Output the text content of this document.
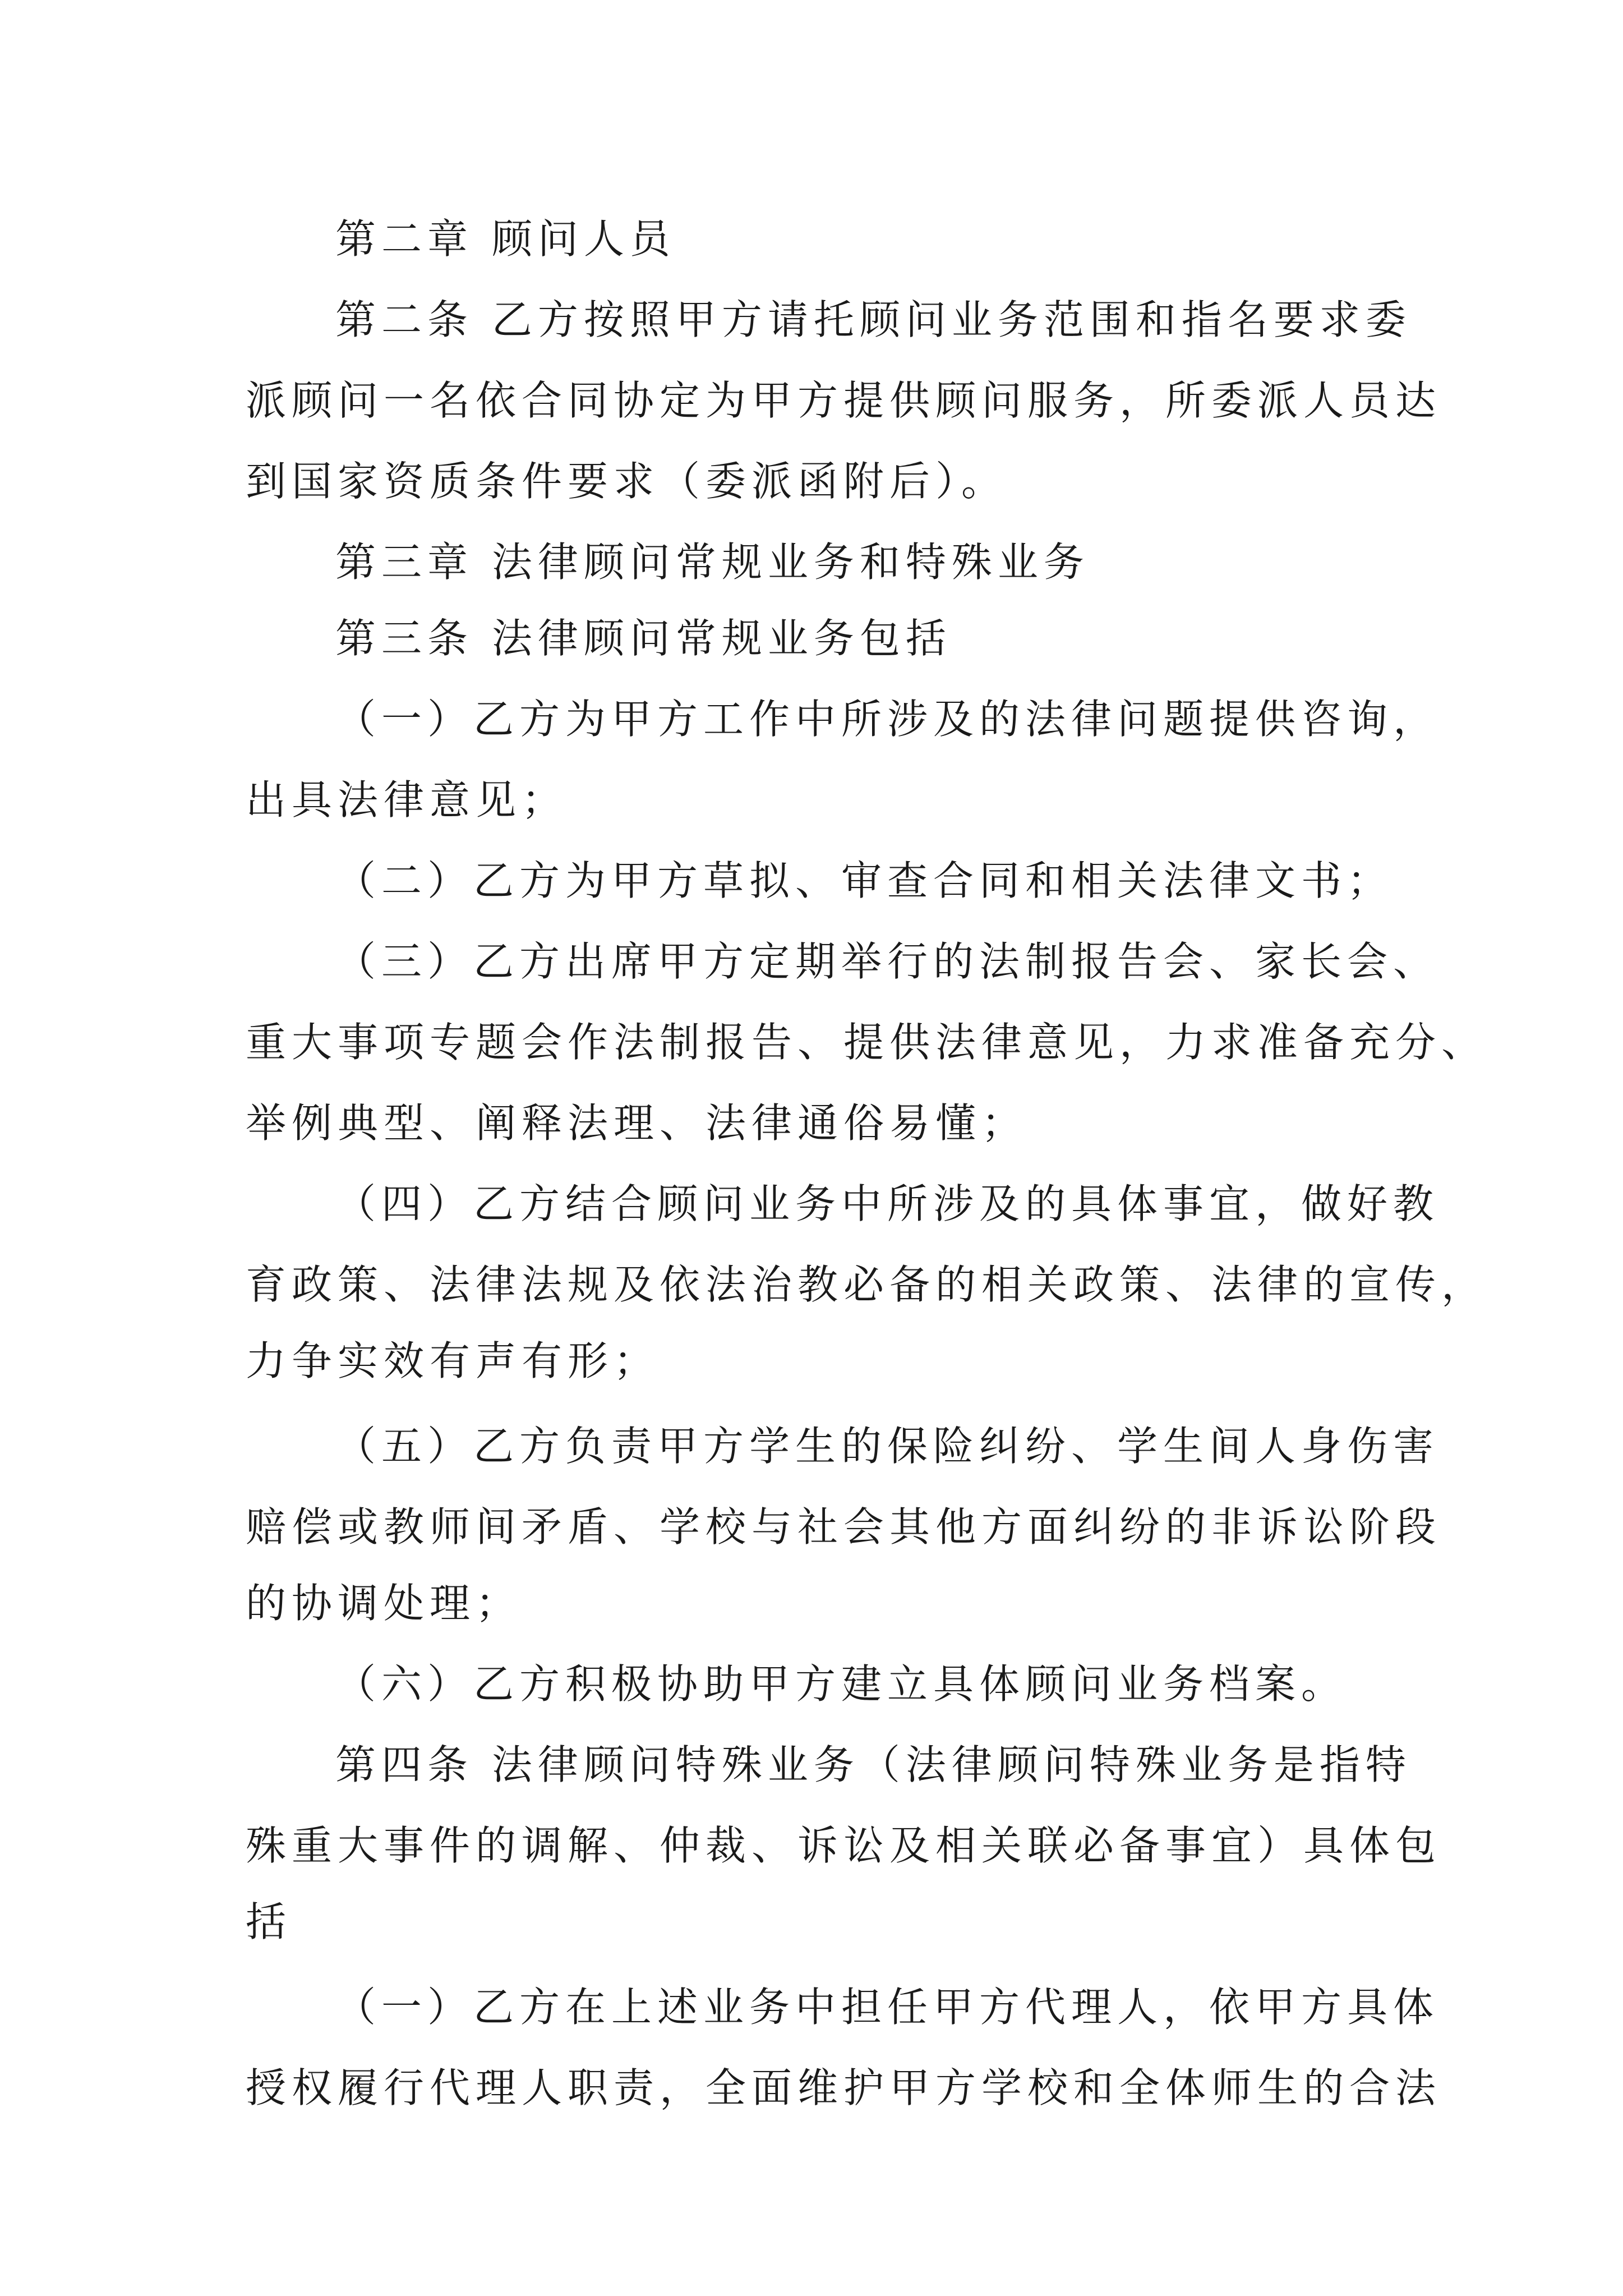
第二章 顾问人员
第二条 乙方按照甲方请托顾问业务范围和指名要求委
派顾问一名依合同协定为甲方提供顾问服务，所委派人员达
到国家资质条件要求（委派函附后）。
第三章 法律顾问常规业务和特殊业务
第三条 法律顾问常规业务包括
（一）乙方为甲方工作中所涉及的法律问题提供咨询，
出具法律意见；
（二）乙方为甲方草拟、审查合同和相关法律文书；
（三）乙方出席甲方定期举行的法制报告会、家长会、
重大事项专题会作法制报告、提供法律意见，力求准备充分、
举例典型、阐释法理、法律通俗易懂；
（四）乙方结合顾问业务中所涉及的具体事宜，做好教
育政策、法律法规及依法治教必备的相关政策、法律的宣传，
力争实效有声有形；
（五）乙方负责甲方学生的保险纠纷、学生间人身伤害
赔偿或教师间矛盾、学校与社会其他方面纠纷的非诉讼阶段
的协调处理；
（六）乙方积极协助甲方建立具体顾问业务档案。
第四条 法律顾问特殊业务（法律顾问特殊业务是指特
殊重大事件的调解、仲裁、诉讼及相关联必备事宜）具体包
括
（一）乙方在上述业务中担任甲方代理人，依甲方具体
授权履行代理人职责，全面维护甲方学校和全体师生的合法
